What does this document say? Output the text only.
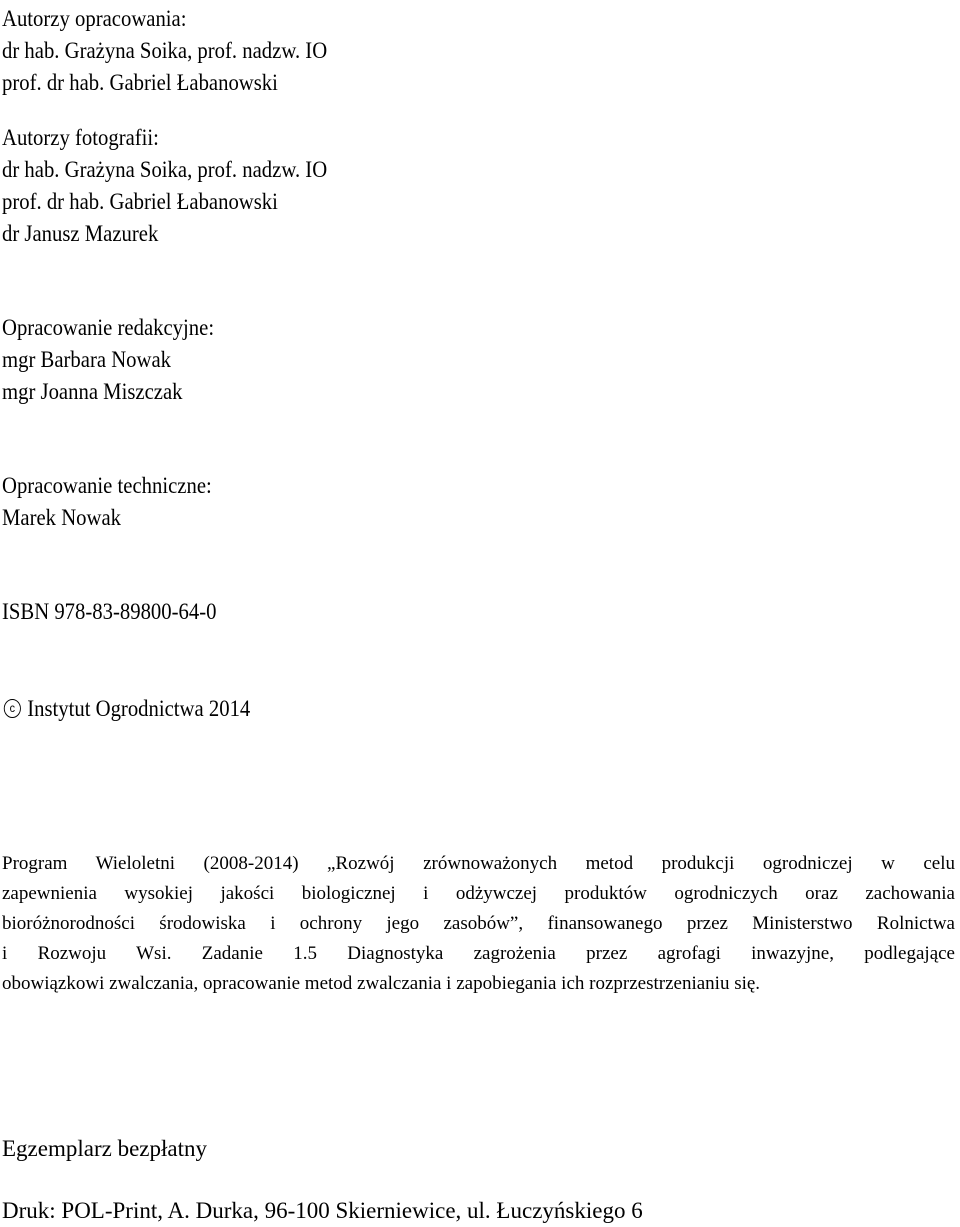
Autorzy opracowania:
dr hab. Grażyna Soika, prof. nadzw. IO
prof. dr hab. Gabriel Łabanowski
Autorzy fotografii:
dr hab. Grażyna Soika, prof. nadzw. IO
prof. dr hab. Gabriel Łabanowski
dr Janusz Mazurek
Opracowanie redakcyjne:
mgr Barbara Nowak
mgr Joanna Miszczak
Opracowanie techniczne:
Marek Nowak
ISBN 978-83-89800-64-0
c Instytut Ogrodnictwa 2014
Program Wieloletni (2008-2014) „Rozwój zrównoważonych metod produkcji ogrodniczej w celu
zapewnienia wysokiej jakości biologicznej i odżywczej produktów ogrodniczych oraz zachowania
bioróżnorodności środowiska i ochrony jego zasobów”, finansowanego przez Ministerstwo Rolnictwa
i Rozwoju Wsi. Zadanie 1.5 Diagnostyka zagrożenia przez agrofagi inwazyjne, podlegające
obowiązkowi zwalczania, opracowanie metod zwalczania i zapobiegania ich rozprzestrzenianiu się.
Egzemplarz bezpłatny
Druk: POL-Print, A. Durka, 96-100 Skierniewice, ul. Łuczyńskiego 6
